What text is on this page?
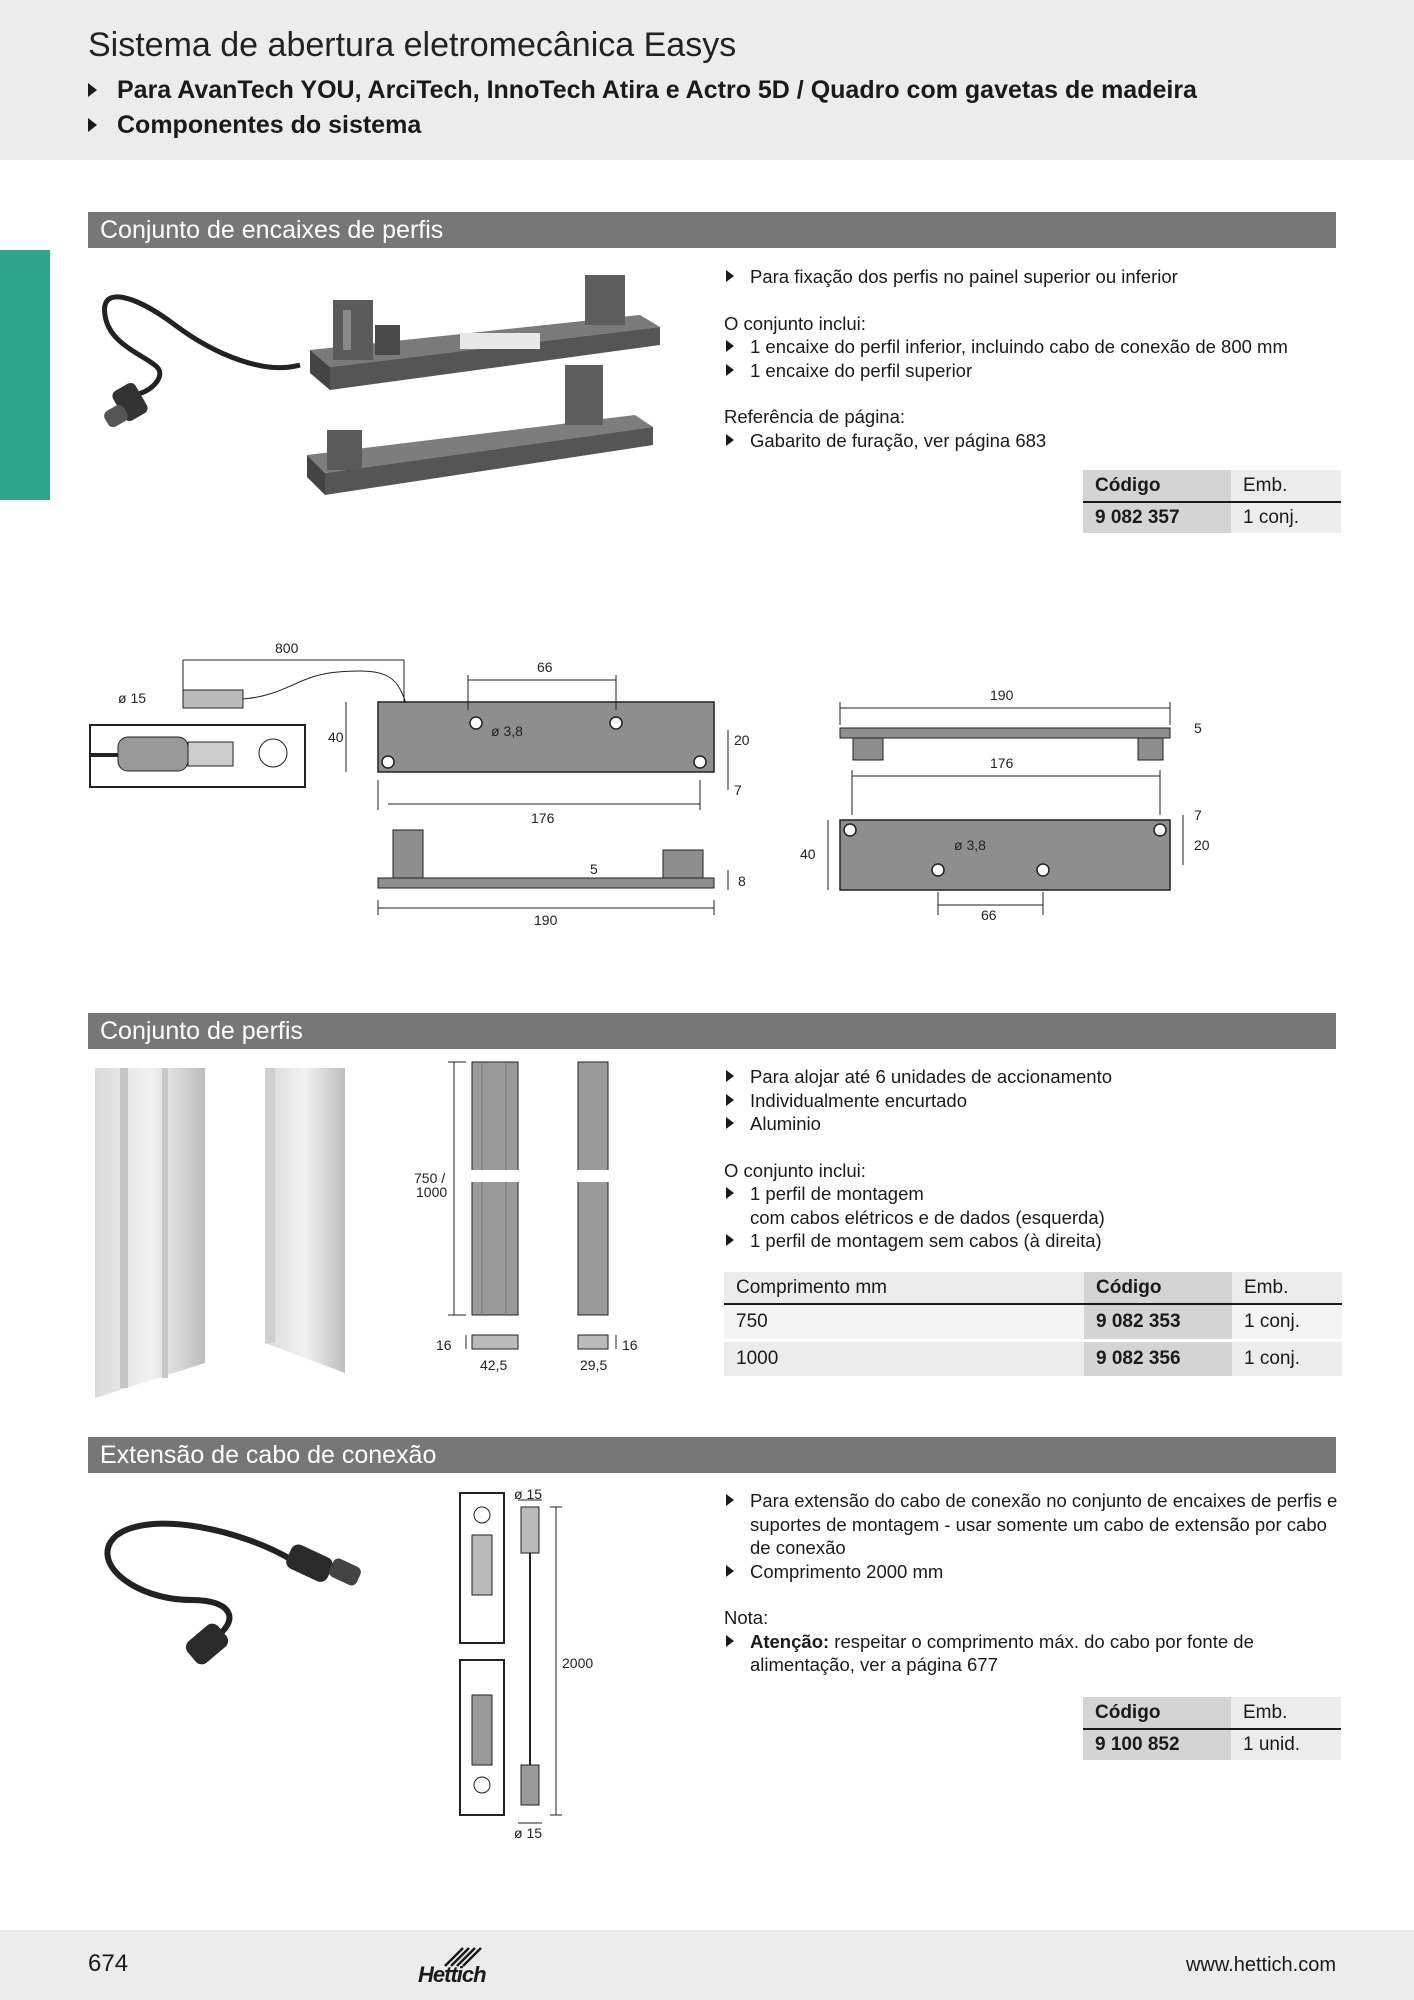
Sistema de abertura eletromecânica Easys
Para AvanTech YOU, ArciTech, InnoTech Atira e Actro 5D / Quadro com gavetas de madeira
Componentes do sistema
Conjunto de encaixes de perfis
Para fixação dos perfis no painel superior ou inferior
O conjunto inclui:
1 encaixe do perfil inferior, incluindo cabo de conexão de 800 mm
1 encaixe do perfil superior
Referência de página:
Gabarito de furação, ver página 683
Código	Emb.
9 082 357	1 conj.
800
ø 15
66
40	ø 3,8
20
7
176
5
8
190
190
5
176
7
40
ø 3,8	20
66
Conjunto de perfis
750 /
1000
16
42,5
16
29,5
Para alojar até 6 unidades de accionamento
Individualmente encurtado
Aluminio
O conjunto inclui:
1 perfil de montagem
com cabos elétricos e de dados (esquerda)
1 perfil de montagem sem cabos (à direita)
Comprimento mm	Código	Emb.
750	9 082 353	1 conj.
1000	9 082 356	1 conj.
Extensão de cabo de conexão
ø 15
2000
ø 15
Para extensão do cabo de conexão no conjunto de encaixes de perfis e
suportes de montagem - usar somente um cabo de extensão por cabo
de conexão
Comprimento 2000 mm
Nota:
Atenção: respeitar o comprimento máx. do cabo por fonte de
alimentação, ver a página 677
Código	Emb.
9 100 852	1 unid.
674	Hettich	www.hettich.com
